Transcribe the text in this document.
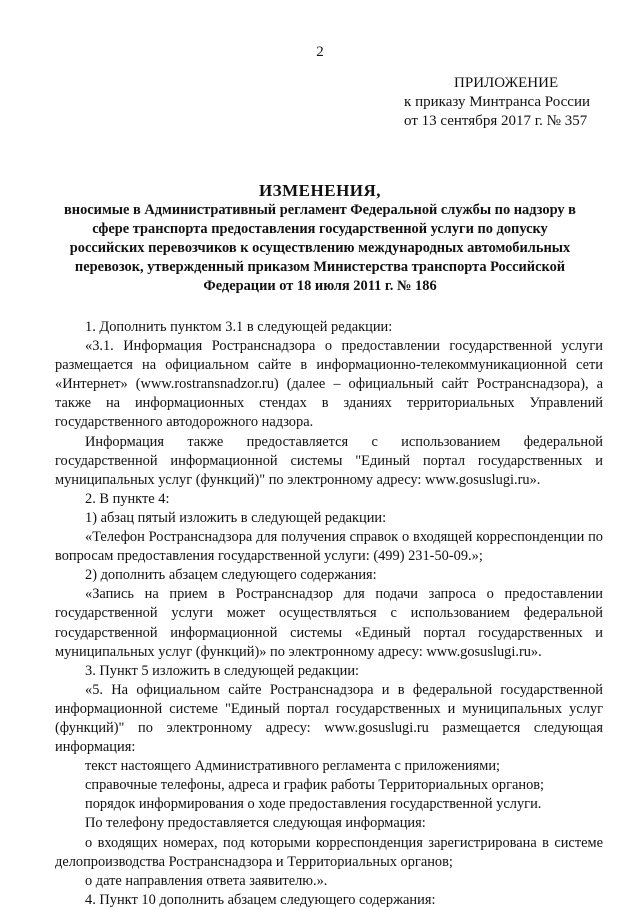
2
ПРИЛОЖЕНИЕ
к приказу Минтранса России
от 13 сентября 2017 г. № 357
ИЗМЕНЕНИЯ,
вносимые в Административный регламент Федеральной службы по надзору в сфере транспорта предоставления государственной услуги по допуску российских перевозчиков к осуществлению международных автомобильных перевозок, утвержденный приказом Министерства транспорта Российской Федерации от 18 июля 2011 г. № 186

1. Дополнить пунктом 3.1 в следующей редакции:

«3.1. Информация Ространснадзора о предоставлении государственной услуги размещается на официальном сайте в информационно-телекоммуникационной сети «Интернет» (www.rostransnadzor.ru) (далее – официальный сайт Ространснадзора), а также на информационных стендах в зданиях территориальных Управлений государственного автодорожного надзора.

Информация также предоставляется с использованием федеральной государственной информационной системы "Единый портал государственных и муниципальных услуг (функций)" по электронному адресу: www.gosuslugi.ru».

2. В пункте 4:

1) абзац пятый изложить в следующей редакции:

«Телефон Ространснадзора для получения справок о входящей корреспонденции по вопросам предоставления государственной услуги: (499) 231-50-09.»;

2) дополнить абзацем следующего содержания:

«Запись на прием в Ространснадзор для подачи запроса о предоставлении государственной услуги может осуществляться с использованием федеральной государственной информационной системы «Единый портал государственных и муниципальных услуг (функций)» по электронному адресу: www.gosuslugi.ru».

3. Пункт 5 изложить в следующей редакции:

«5. На официальном сайте Ространснадзора и в федеральной государственной информационной системе "Единый портал государственных и муниципальных услуг (функций)" по электронному адресу: www.gosuslugi.ru размещается следующая информация:

текст настоящего Административного регламента с приложениями;

справочные телефоны, адреса и график работы Территориальных органов;

порядок информирования о ходе предоставления государственной услуги.

По телефону предоставляется следующая информация:

о входящих номерах, под которыми корреспонденция зарегистрирована в системе делопроизводства Ространснадзора и Территориальных органов;

о дате направления ответа заявителю.».

4. Пункт 10 дополнить абзацем следующего содержания:
